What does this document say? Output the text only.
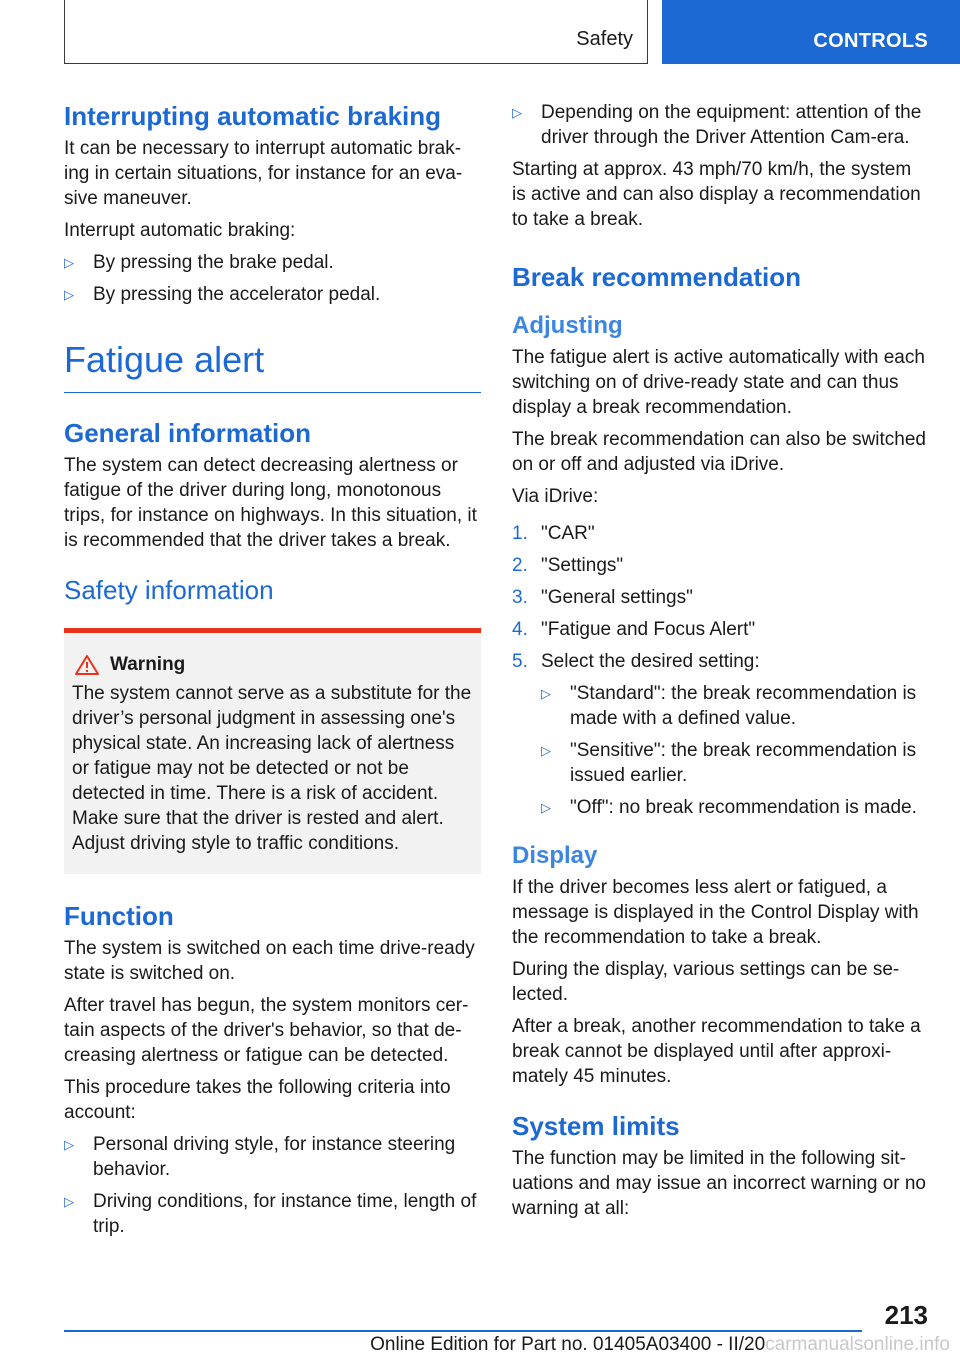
Safety	CONTROLS
Interrupting automatic braking

It can be necessary to interrupt automatic brak-ing in certain situations, for instance for an eva-sive maneuver.

Interrupt automatic braking:

▷ By pressing the brake pedal.
▷ By pressing the accelerator pedal.
Fatigue alert
General information

The system can detect decreasing alertness or fatigue of the driver during long, monotonous trips, for instance on highways. In this situation, it is recommended that the driver takes a break.

Safety information
Warning

The system cannot serve as a substitute for the driver’s personal judgment in assessing one's physical state. An increasing lack of alertness or fatigue may not be detected or not be detected in time. There is a risk of accident. Make sure that the driver is rested and alert. Adjust driving style to traffic conditions.

Function

The system is switched on each time drive-ready state is switched on.

After travel has begun, the system monitors cer-tain aspects of the driver's behavior, so that de-creasing alertness or fatigue can be detected.

This procedure takes the following criteria into account:

▷ Personal driving style, for instance steering behavior.
▷ Driving conditions, for instance time, length of trip.
▷ Depending on the equipment: attention of the driver through the Driver Attention Cam-era.

Starting at approx. 43 mph/70 km/h, the system is active and can also display a recommendation to take a break.

Break recommendation
Adjusting

The fatigue alert is active automatically with each switching on of drive-ready state and can thus display a break recommendation.

The break recommendation can also be switched on or off and adjusted via iDrive.

Via iDrive:

1. "CAR"
2. "Settings"
3. "General settings"
4. "Fatigue and Focus Alert"
5. Select the desired setting:
▷ "Standard": the break recommendation is made with a defined value.
▷ "Sensitive": the break recommendation is issued earlier.
▷ "Off": no break recommendation is made.
Display

If the driver becomes less alert or fatigued, a message is displayed in the Control Display with the recommendation to take a break.

During the display, various settings can be se-lected.

After a break, another recommendation to take a break cannot be displayed until after approxi-mately 45 minutes.

System limits

The function may be limited in the following sit-uations and may issue an incorrect warning or no warning at all:

213
Online Edition for Part no. 01405A03400 - II/20carmanualsonline.info
